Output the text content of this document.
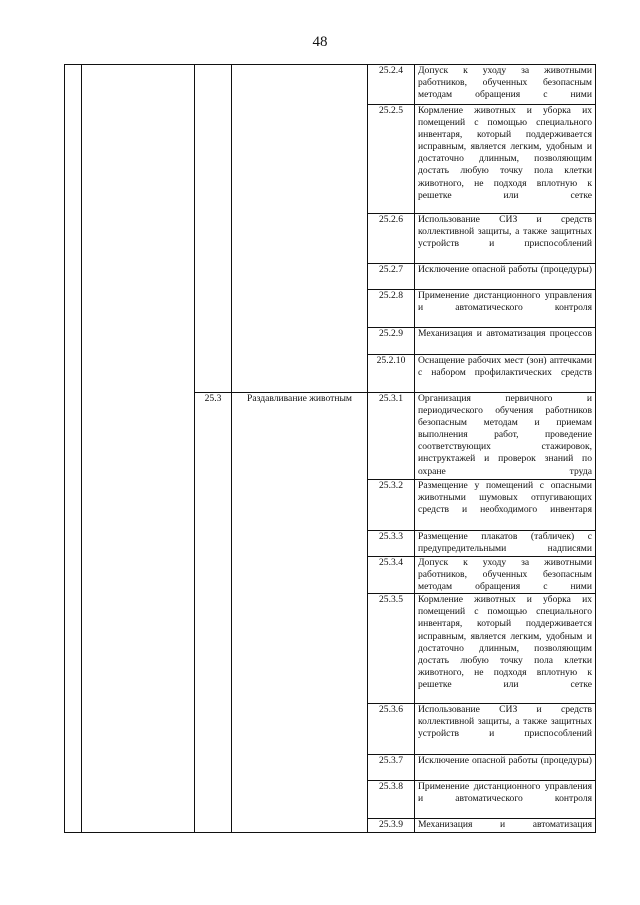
48
				25.2.4	Допуск к уходу за животными работников, обученных безопасным методам обращения с ними

				25.2.5	Кормление животных и уборка их помещений с помощью специального инвентаря, который поддерживается исправным, является легким, удобным и достаточно длинным, позволяющим достать любую точку пола клетки животного, не подходя вплотную к решетке или сетке

				25.2.6	Использование СИЗ и средств коллективной защиты, а также защитных устройств и приспособлений

				25.2.7	Исключение опасной работы (процедуры)

				25.2.8	Применение дистанционного управления и автоматического контроля

				25.2.9	Механизация и автоматизация процессов

				25.2.10	Оснащение рабочих мест (зон) аптечками с набором профилактических средств

		25.3	Раздавливание животным	25.3.1	Организация первичного и периодического обучения работников безопасным методам и приемам выполнения работ, проведение соответствующих стажировок, инструктажей и проверок знаний по охране труда

				25.3.2	Размещение у помещений с опасными животными шумовых отпугивающих средств и необходимого инвентаря

				25.3.3	Размещение плакатов (табличек) с предупредительными надписями

				25.3.4	Допуск к уходу за животными работников, обученных безопасным методам обращения с ними

				25.3.5	Кормление животных и уборка их помещений с помощью специального инвентаря, который поддерживается исправным, является легким, удобным и достаточно длинным, позволяющим достать любую точку пола клетки животного, не подходя вплотную к решетке или сетке

				25.3.6	Использование СИЗ и средств коллективной защиты, а также защитных устройств и приспособлений

				25.3.7	Исключение опасной работы (процедуры)

				25.3.8	Применение дистанционного управления и автоматического контроля

				25.3.9	Механизация и автоматизация
